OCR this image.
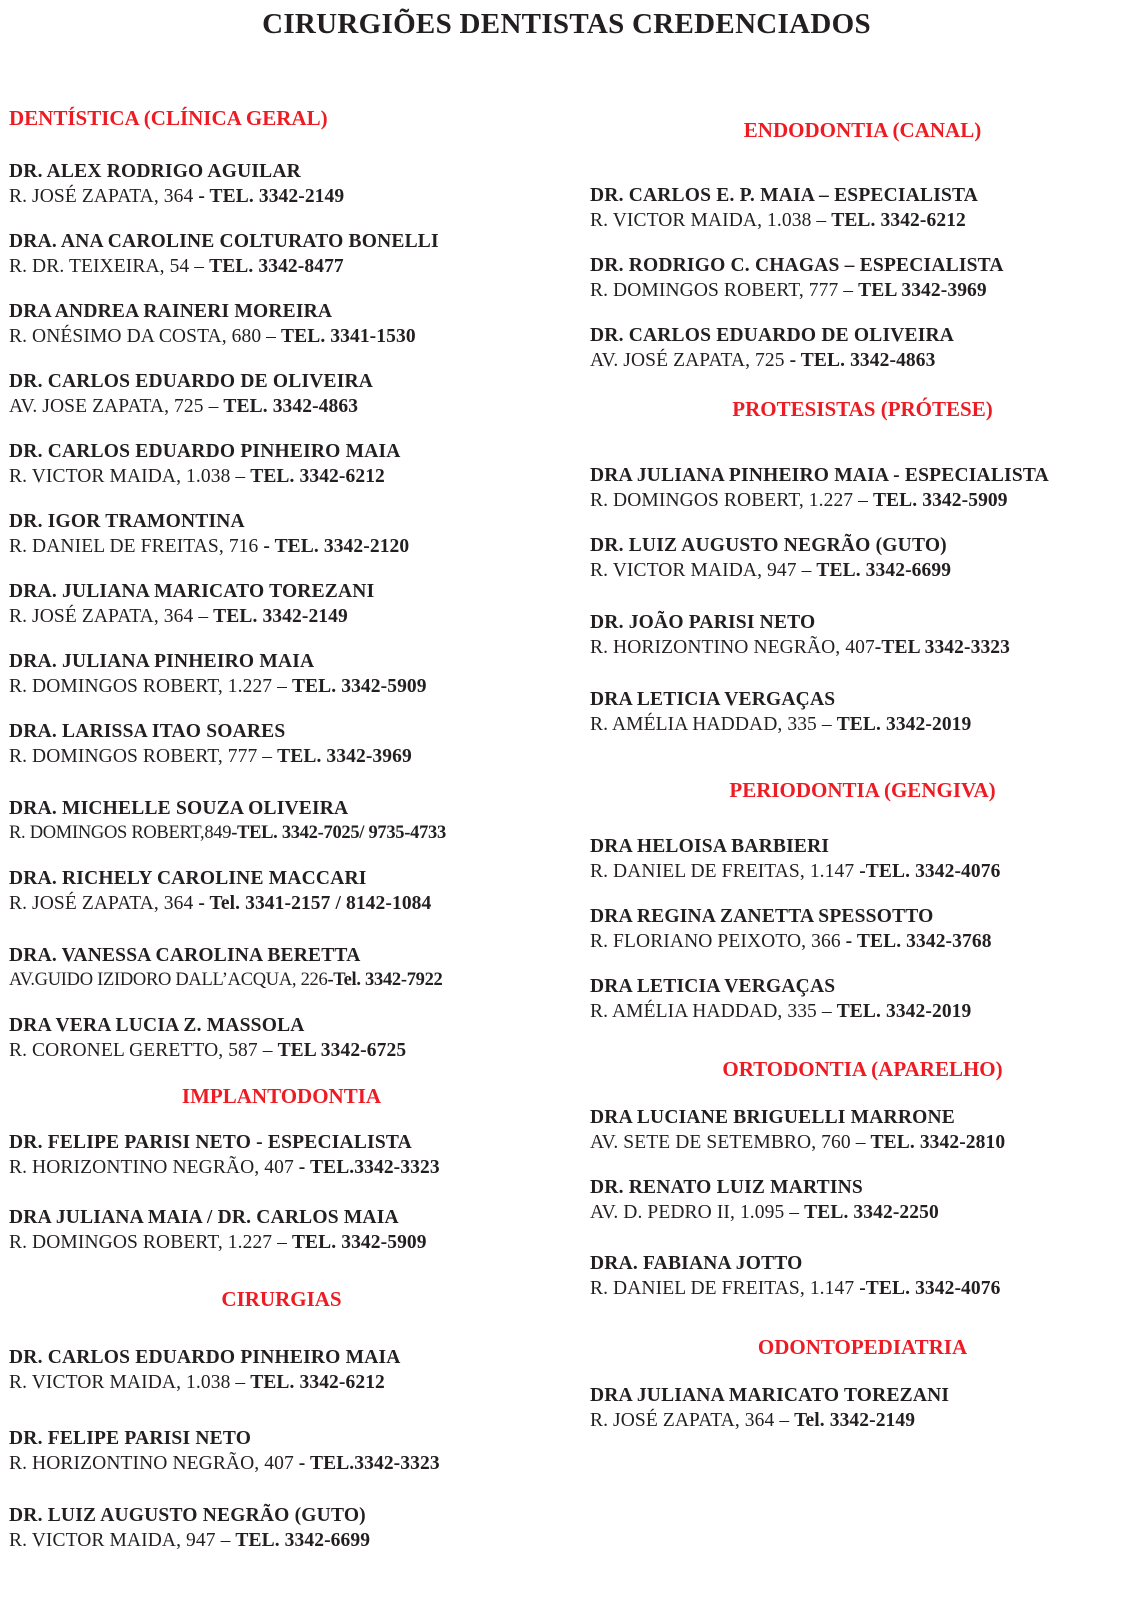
CIRURGIÕES DENTISTAS CREDENCIADOS
DENTÍSTICA (CLÍNICA GERAL)
DR. ALEX RODRIGO AGUILAR
R. JOSÉ ZAPATA, 364 - TEL. 3342-2149
DRA. ANA CAROLINE COLTURATO BONELLI
R. DR. TEIXEIRA, 54 – TEL. 3342-8477
DRA ANDREA RAINERI MOREIRA
R. ONÉSIMO DA COSTA, 680 – TEL. 3341-1530
DR. CARLOS EDUARDO DE OLIVEIRA
AV. JOSE ZAPATA, 725 – TEL. 3342-4863
DR. CARLOS EDUARDO PINHEIRO MAIA
R. VICTOR MAIDA, 1.038 – TEL. 3342-6212
DR. IGOR TRAMONTINA
R. DANIEL DE FREITAS, 716 - TEL. 3342-2120
DRA. JULIANA MARICATO TOREZANI
R. JOSÉ ZAPATA, 364 – TEL. 3342-2149
DRA. JULIANA PINHEIRO MAIA
R. DOMINGOS ROBERT, 1.227 – TEL. 3342-5909
DRA. LARISSA ITAO SOARES
R. DOMINGOS ROBERT, 777 – TEL. 3342-3969
DRA. MICHELLE SOUZA OLIVEIRA
R. DOMINGOS ROBERT,849-TEL. 3342-7025/ 9735-4733
DRA. RICHELY CAROLINE MACCARI
R. JOSÉ ZAPATA, 364 - Tel. 3341-2157 / 8142-1084
DRA. VANESSA CAROLINA BERETTA
AV.GUIDO IZIDORO DALL’ACQUA, 226-Tel. 3342-7922
DRA VERA LUCIA Z. MASSOLA
R. CORONEL GERETTO, 587 – TEL 3342-6725
IMPLANTODONTIA
DR. FELIPE PARISI NETO - ESPECIALISTA
R. HORIZONTINO NEGRÃO, 407 - TEL.3342-3323
DRA JULIANA MAIA / DR. CARLOS MAIA
R. DOMINGOS ROBERT, 1.227 – TEL. 3342-5909
CIRURGIAS
DR. CARLOS EDUARDO PINHEIRO MAIA
R. VICTOR MAIDA, 1.038 – TEL. 3342-6212
DR. FELIPE PARISI NETO
R. HORIZONTINO NEGRÃO, 407 - TEL.3342-3323
DR. LUIZ AUGUSTO NEGRÃO (GUTO)
R. VICTOR MAIDA, 947 – TEL. 3342-6699
ENDODONTIA (CANAL)
DR. CARLOS E. P. MAIA – ESPECIALISTA
R. VICTOR MAIDA, 1.038 – TEL. 3342-6212
DR. RODRIGO C. CHAGAS – ESPECIALISTA
R. DOMINGOS ROBERT, 777 – TEL 3342-3969
DR. CARLOS EDUARDO DE OLIVEIRA
AV. JOSÉ ZAPATA, 725 - TEL. 3342-4863
PROTESISTAS (PRÓTESE)
DRA JULIANA PINHEIRO MAIA - ESPECIALISTA
R. DOMINGOS ROBERT, 1.227 – TEL. 3342-5909
DR. LUIZ AUGUSTO NEGRÃO (GUTO)
R. VICTOR MAIDA, 947 – TEL. 3342-6699
DR. JOÃO PARISI NETO
R. HORIZONTINO NEGRÃO, 407-TEL 3342-3323
DRA LETICIA VERGAÇAS
R. AMÉLIA HADDAD, 335 – TEL. 3342-2019
PERIODONTIA (GENGIVA)
DRA HELOISA BARBIERI
R. DANIEL DE FREITAS, 1.147 -TEL. 3342-4076
DRA REGINA ZANETTA SPESSOTTO
R. FLORIANO PEIXOTO, 366 - TEL. 3342-3768
DRA LETICIA VERGAÇAS
R. AMÉLIA HADDAD, 335 – TEL. 3342-2019
ORTODONTIA (APARELHO)
DRA LUCIANE BRIGUELLI MARRONE
AV. SETE DE SETEMBRO, 760 – TEL. 3342-2810
DR. RENATO LUIZ MARTINS
AV. D. PEDRO II, 1.095 – TEL. 3342-2250
DRA. FABIANA JOTTO
R. DANIEL DE FREITAS, 1.147 -TEL. 3342-4076
ODONTOPEDIATRIA
DRA JULIANA MARICATO TOREZANI
R. JOSÉ ZAPATA, 364 – Tel. 3342-2149
